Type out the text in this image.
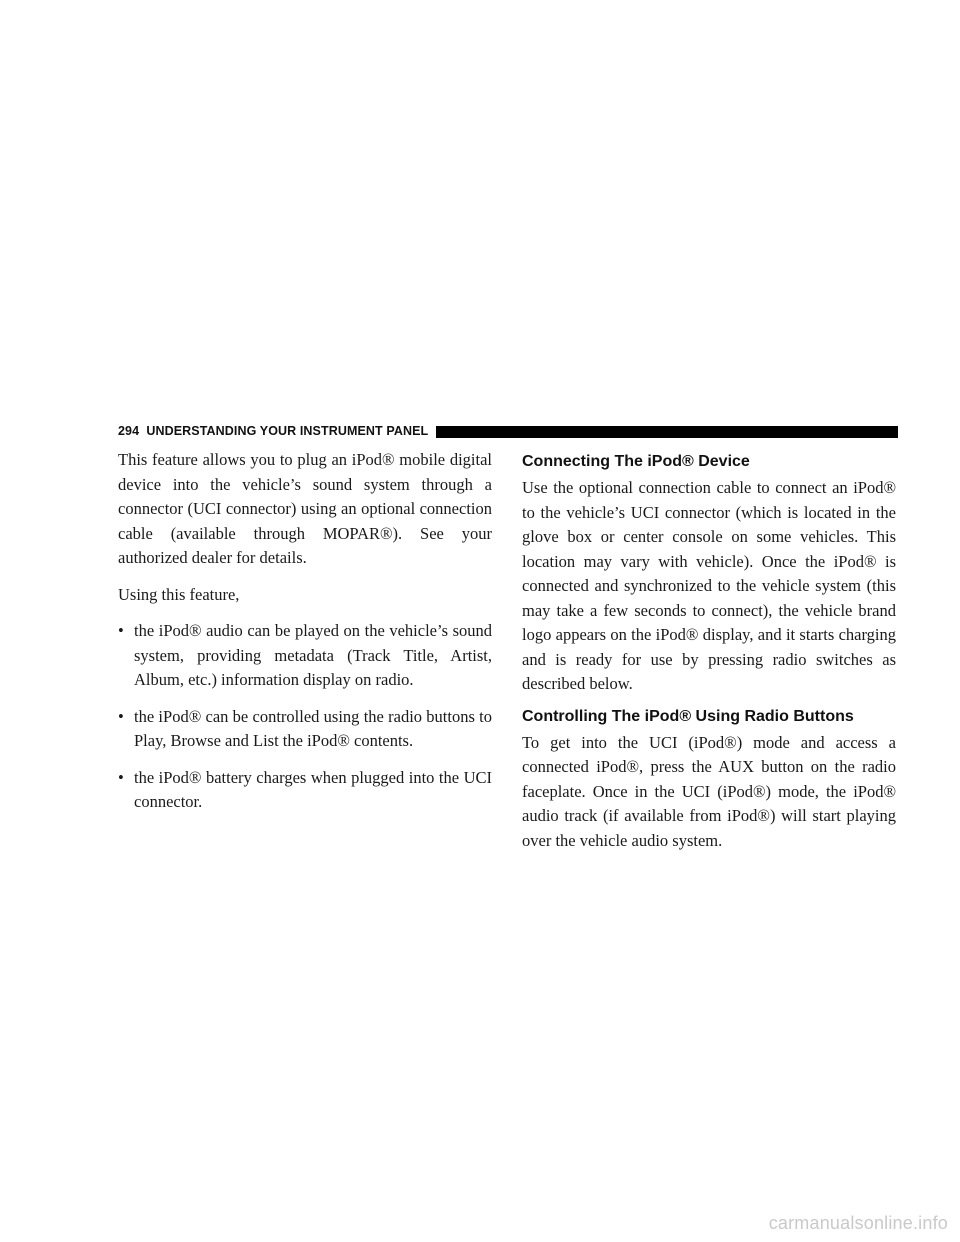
294 UNDERSTANDING YOUR INSTRUMENT PANEL

This feature allows you to plug an iPod® mobile digital device into the vehicle’s sound system through a connector (UCI connector) using an optional connection cable (available through MOPAR®). See your authorized dealer for details.

Using this feature,

• the iPod® audio can be played on the vehicle’s sound system, providing metadata (Track Title, Artist, Album, etc.) information display on radio.
• the iPod® can be controlled using the radio buttons to Play, Browse and List the iPod® contents.
• the iPod® battery charges when plugged into the UCI connector.
Connecting The iPod® Device

Use the optional connection cable to connect an iPod® to the vehicle’s UCI connector (which is located in the glove box or center console on some vehicles. This location may vary with vehicle). Once the iPod® is connected and synchronized to the vehicle system (this may take a few seconds to connect), the vehicle brand logo appears on the iPod® display, and it starts charging and is ready for use by pressing radio switches as described below.

Controlling The iPod® Using Radio Buttons

To get into the UCI (iPod®) mode and access a connected iPod®, press the AUX button on the radio faceplate. Once in the UCI (iPod®) mode, the iPod® audio track (if available from iPod®) will start playing over the vehicle audio system.

carmanualsonline.info
